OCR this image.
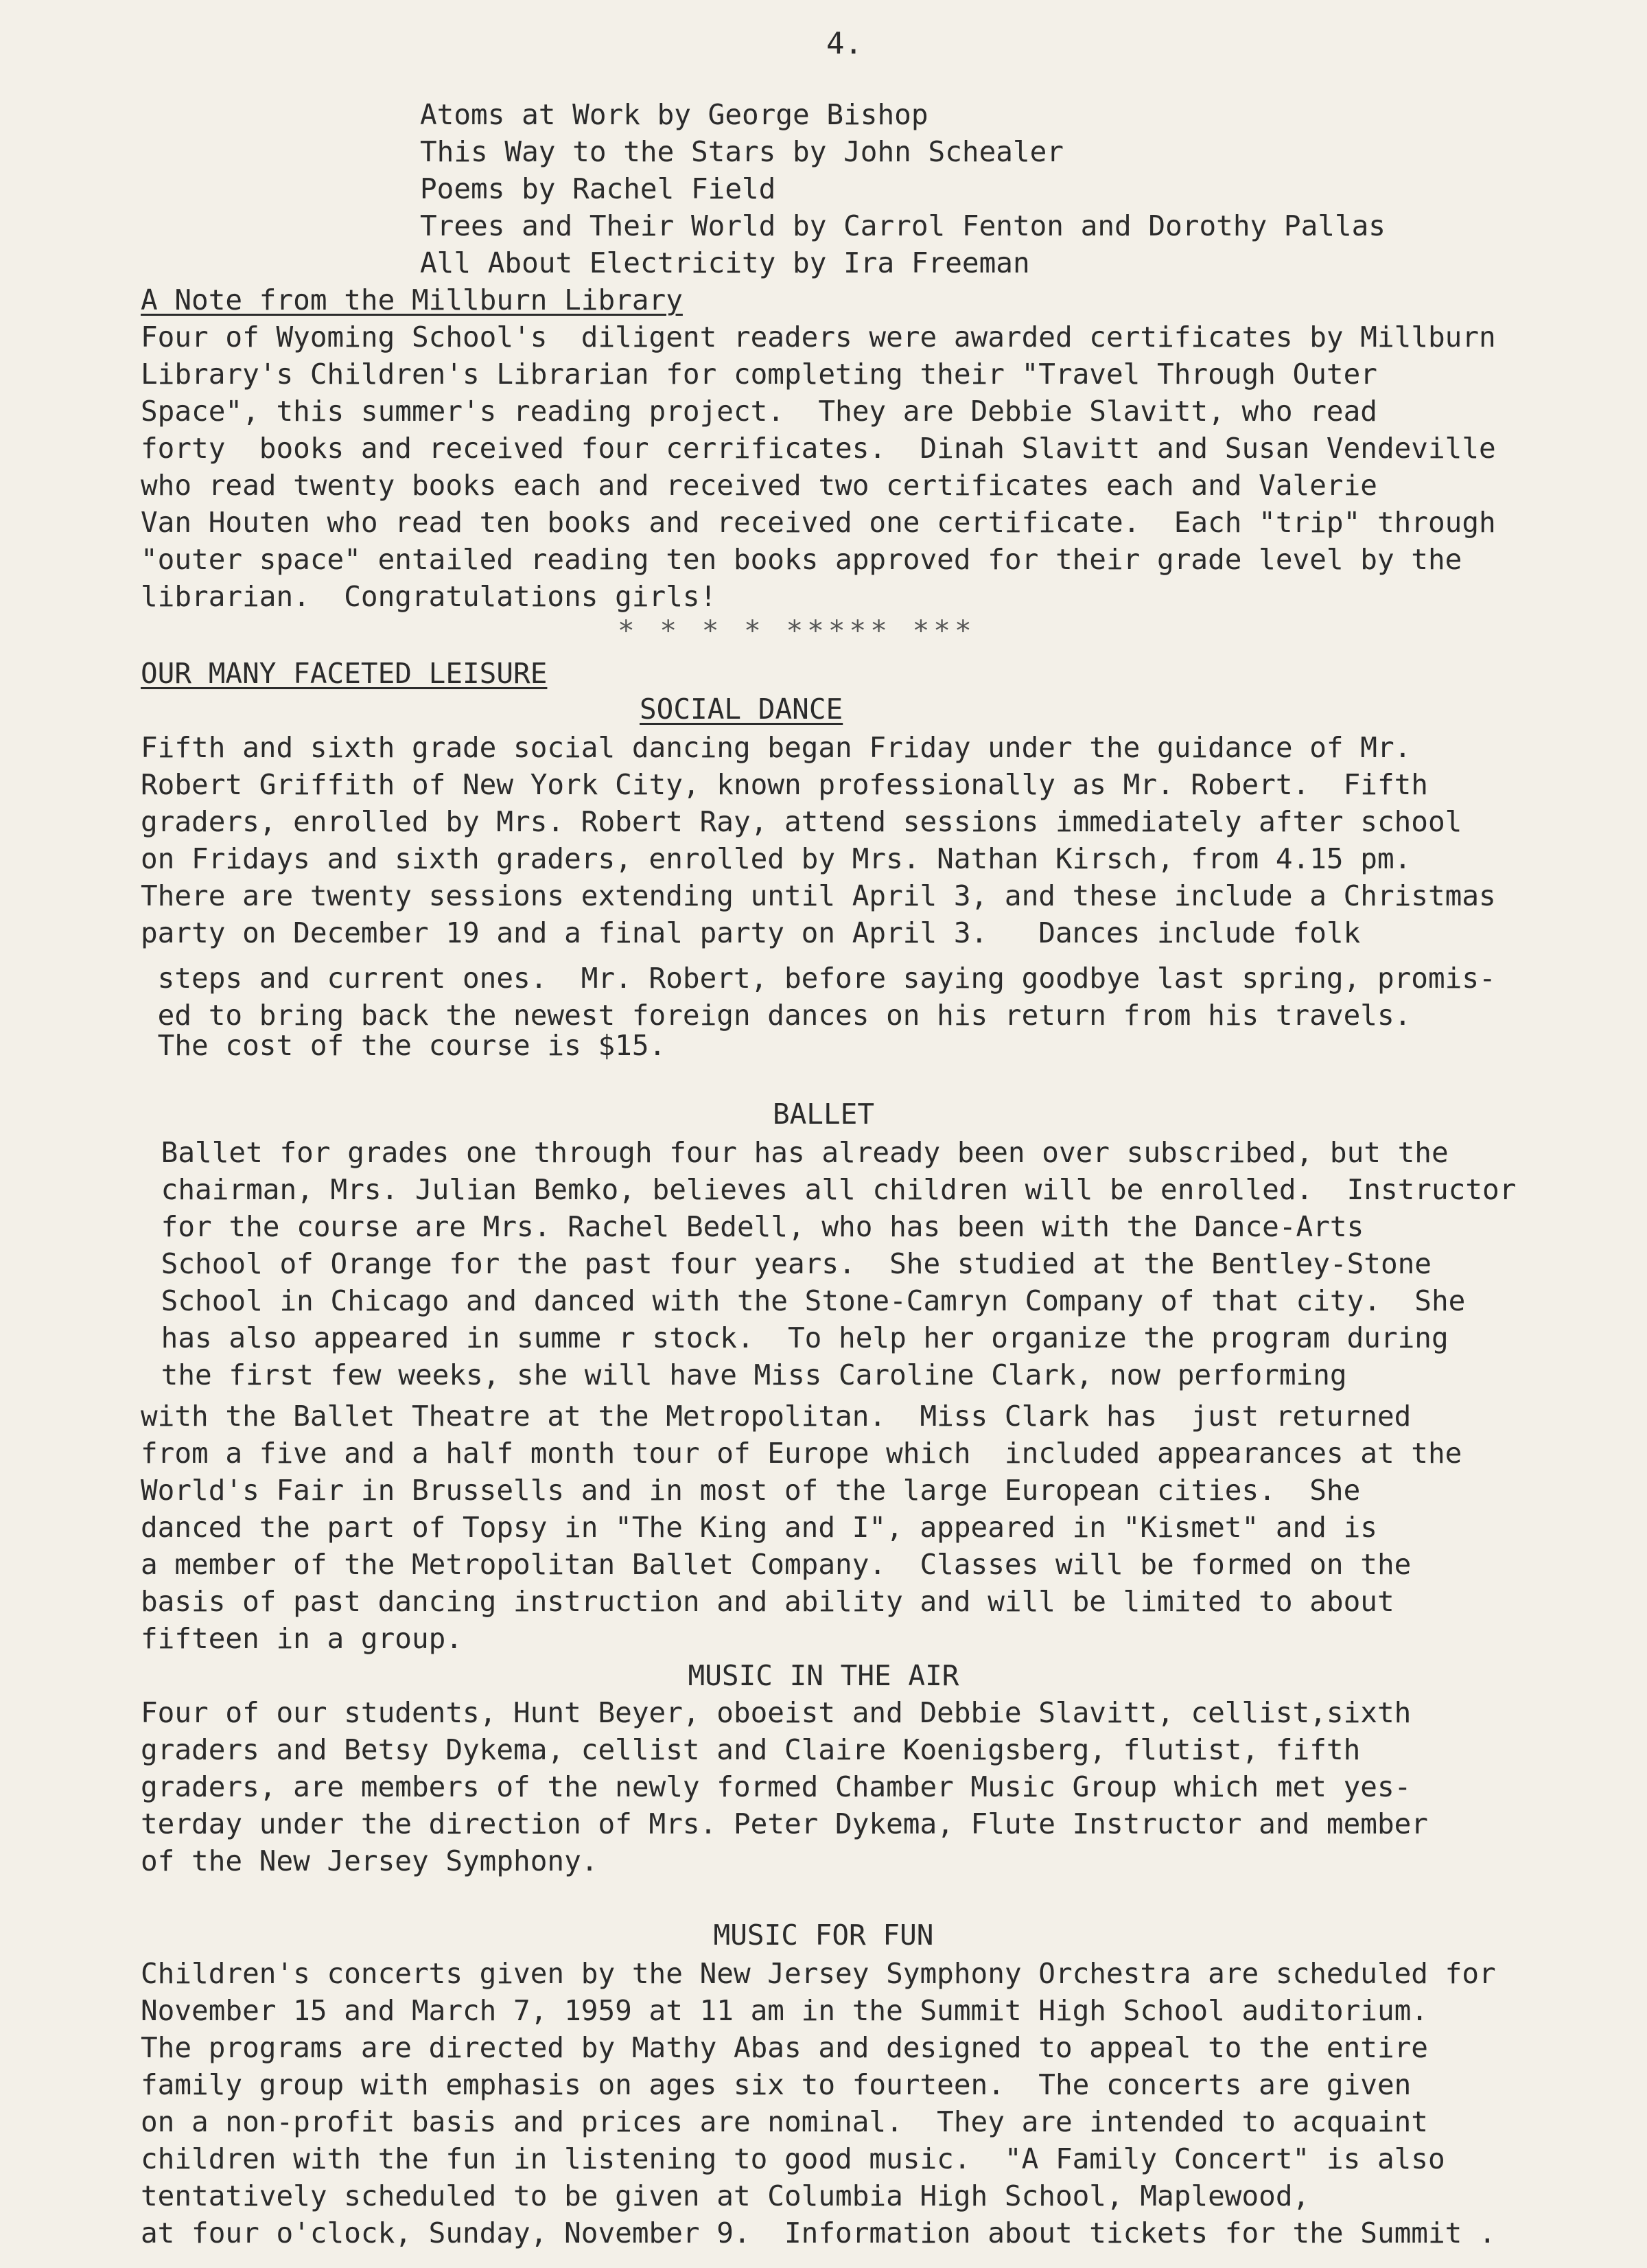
4.
Atoms at Work by George Bishop
This Way to the Stars by John Schealer
Poems by Rachel Field
Trees and Their World by Carrol Fenton and Dorothy Pallas
All About Electricity by Ira Freeman
A Note from the Millburn Library
Four of Wyoming School's  diligent readers were awarded certificates by Millburn
Library's Children's Librarian for completing their "Travel Through Outer
Space", this summer's reading project.  They are Debbie Slavitt, who read
forty  books and received four cerrificates.  Dinah Slavitt and Susan Vendeville
who read twenty books each and received two certificates each and Valerie
Van Houten who read ten books and received one certificate.  Each "trip" through
"outer space" entailed reading ten books approved for their grade level by the
librarian.  Congratulations girls!
* * * * ***** ***
OUR MANY FACETED LEISURE
SOCIAL DANCE
Fifth and sixth grade social dancing began Friday under the guidance of Mr.
Robert Griffith of New York City, known professionally as Mr. Robert.  Fifth
graders, enrolled by Mrs. Robert Ray, attend sessions immediately after school
on Fridays and sixth graders, enrolled by Mrs. Nathan Kirsch, from 4.15 pm.
There are twenty sessions extending until April 3, and these include a Christmas
party on December 19 and a final party on April 3.   Dances include folk
steps and current ones.  Mr. Robert, before saying goodbye last spring, promis-
ed to bring back the newest foreign dances on his return from his travels.
The cost of the course is $15.
BALLET
Ballet for grades one through four has already been over subscribed, but the
chairman, Mrs. Julian Bemko, believes all children will be enrolled.  Instructor
for the course are Mrs. Rachel Bedell, who has been with the Dance-Arts
School of Orange for the past four years.  She studied at the Bentley-Stone
School in Chicago and danced with the Stone-Camryn Company of that city.  She
has also appeared in summe r stock.  To help her organize the program during
the first few weeks, she will have Miss Caroline Clark, now performing
with the Ballet Theatre at the Metropolitan.  Miss Clark has  just returned
from a five and a half month tour of Europe which  included appearances at the
World's Fair in Brussells and in most of the large European cities.  She
danced the part of Topsy in "The King and I", appeared in "Kismet" and is
a member of the Metropolitan Ballet Company.  Classes will be formed on the
basis of past dancing instruction and ability and will be limited to about
fifteen in a group.
MUSIC IN THE AIR
Four of our students, Hunt Beyer, oboeist and Debbie Slavitt, cellist,sixth
graders and Betsy Dykema, cellist and Claire Koenigsberg, flutist, fifth
graders, are members of the newly formed Chamber Music Group which met yes-
terday under the direction of Mrs. Peter Dykema, Flute Instructor and member
of the New Jersey Symphony.
MUSIC FOR FUN
Children's concerts given by the New Jersey Symphony Orchestra are scheduled for
November 15 and March 7, 1959 at 11 am in the Summit High School auditorium.
The programs are directed by Mathy Abas and designed to appeal to the entire
family group with emphasis on ages six to fourteen.  The concerts are given
on a non-profit basis and prices are nominal.  They are intended to acquaint
children with the fun in listening to good music.  "A Family Concert" is also
tentatively scheduled to be given at Columbia High School, Maplewood,
at four o'clock, Sunday, November 9.  Information about tickets for the Summit .
